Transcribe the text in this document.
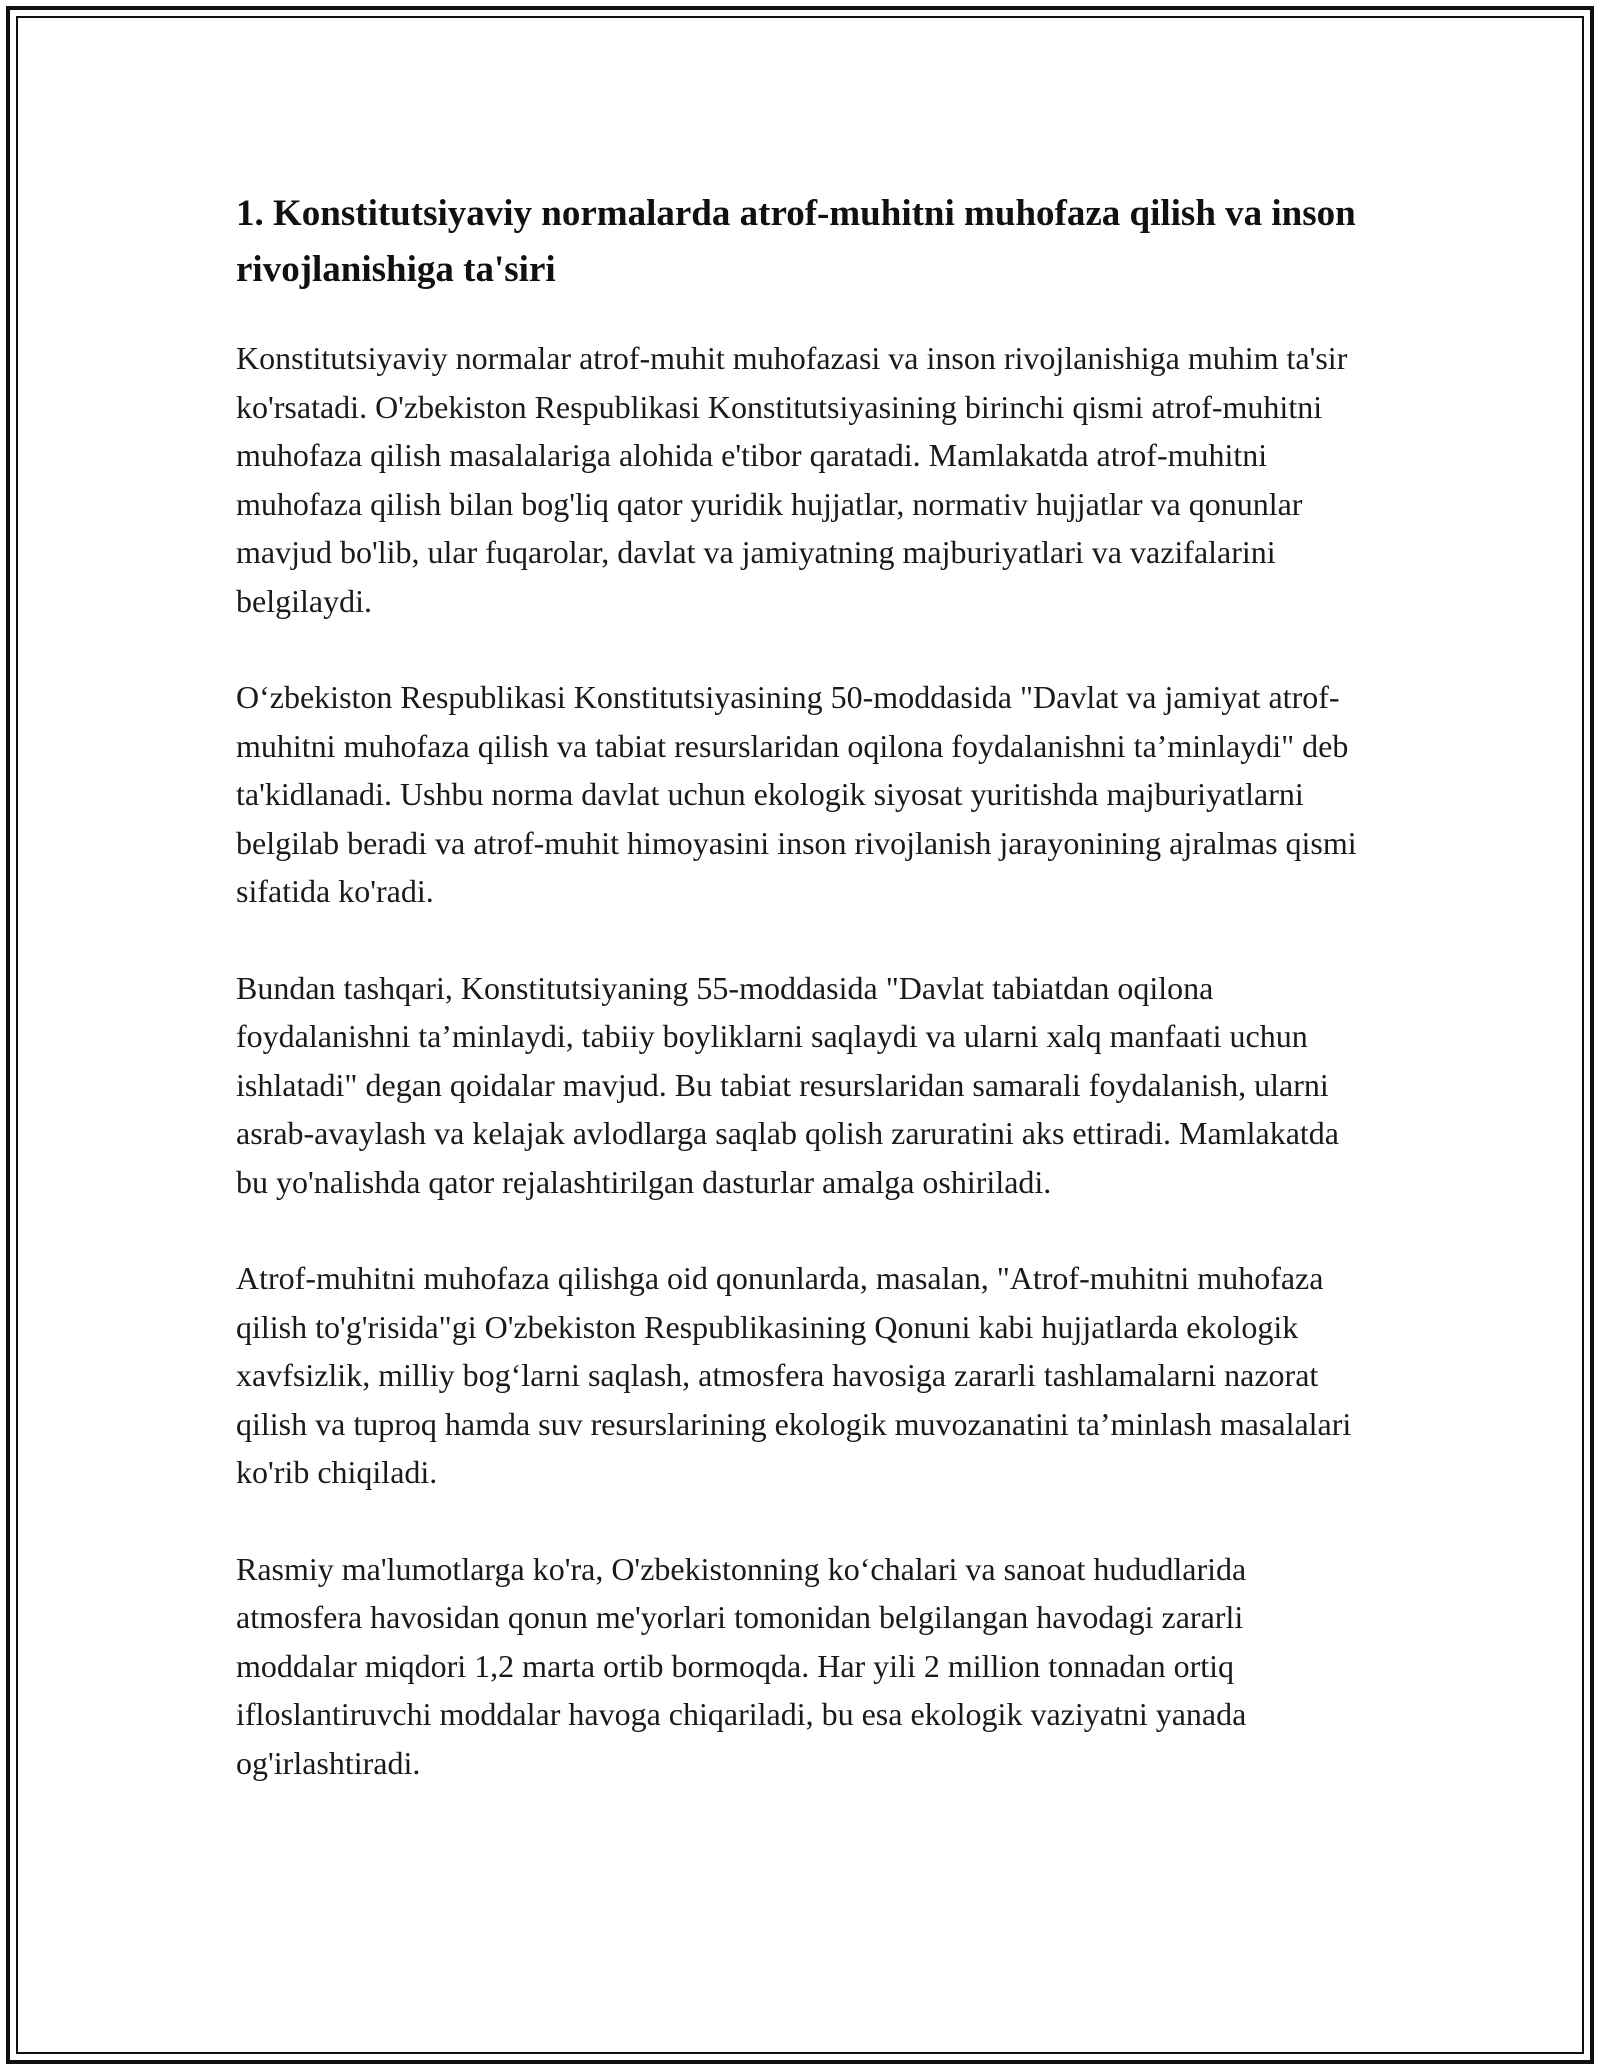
1. Konstitutsiyaviy normalarda atrof-muhitni muhofaza qilish va inson rivojlanishiga ta'siri

Konstitutsiyaviy normalar atrof-muhit muhofazasi va inson rivojlanishiga muhim ta'sir ko'rsatadi. O'zbekiston Respublikasi Konstitutsiyasining birinchi qismi atrof-muhitni muhofaza qilish masalalariga alohida e'tibor qaratadi. Mamlakatda atrof-muhitni muhofaza qilish bilan bog'liq qator yuridik hujjatlar, normativ hujjatlar va qonunlar mavjud bo'lib, ular fuqarolar, davlat va jamiyatning majburiyatlari va vazifalarini belgilaydi.

O‘zbekiston Respublikasi Konstitutsiyasining 50-moddasida "Davlat va jamiyat atrof-muhitni muhofaza qilish va tabiat resurslaridan oqilona foydalanishni ta’minlaydi" deb ta'kidlanadi. Ushbu norma davlat uchun ekologik siyosat yuritishda majburiyatlarni belgilab beradi va atrof-muhit himoyasini inson rivojlanish jarayonining ajralmas qismi sifatida ko'radi.

Bundan tashqari, Konstitutsiyaning 55-moddasida "Davlat tabiatdan oqilona foydalanishni ta’minlaydi, tabiiy boyliklarni saqlaydi va ularni xalq manfaati uchun ishlatadi" degan qoidalar mavjud. Bu tabiat resurslaridan samarali foydalanish, ularni asrab-avaylash va kelajak avlodlarga saqlab qolish zaruratini aks ettiradi. Mamlakatda bu yo'nalishda qator rejalashtirilgan dasturlar amalga oshiriladi.

Atrof-muhitni muhofaza qilishga oid qonunlarda, masalan, "Atrof-muhitni muhofaza qilish to'g'risida"gi O'zbekiston Respublikasining Qonuni kabi hujjatlarda ekologik xavfsizlik, milliy bog‘larni saqlash, atmosfera havosiga zararli tashlamalarni nazorat qilish va tuproq hamda suv resurslarining ekologik muvozanatini ta’minlash masalalari ko'rib chiqiladi.

Rasmiy ma'lumotlarga ko'ra, O'zbekistonning ko‘chalari va sanoat hududlarida atmosfera havosidan qonun me'yorlari tomonidan belgilangan havodagi zararli moddalar miqdori 1,2 marta ortib bormoqda. Har yili 2 million tonnadan ortiq ifloslantiruvchi moddalar havoga chiqariladi, bu esa ekologik vaziyatni yanada og'irlashtiradi.
